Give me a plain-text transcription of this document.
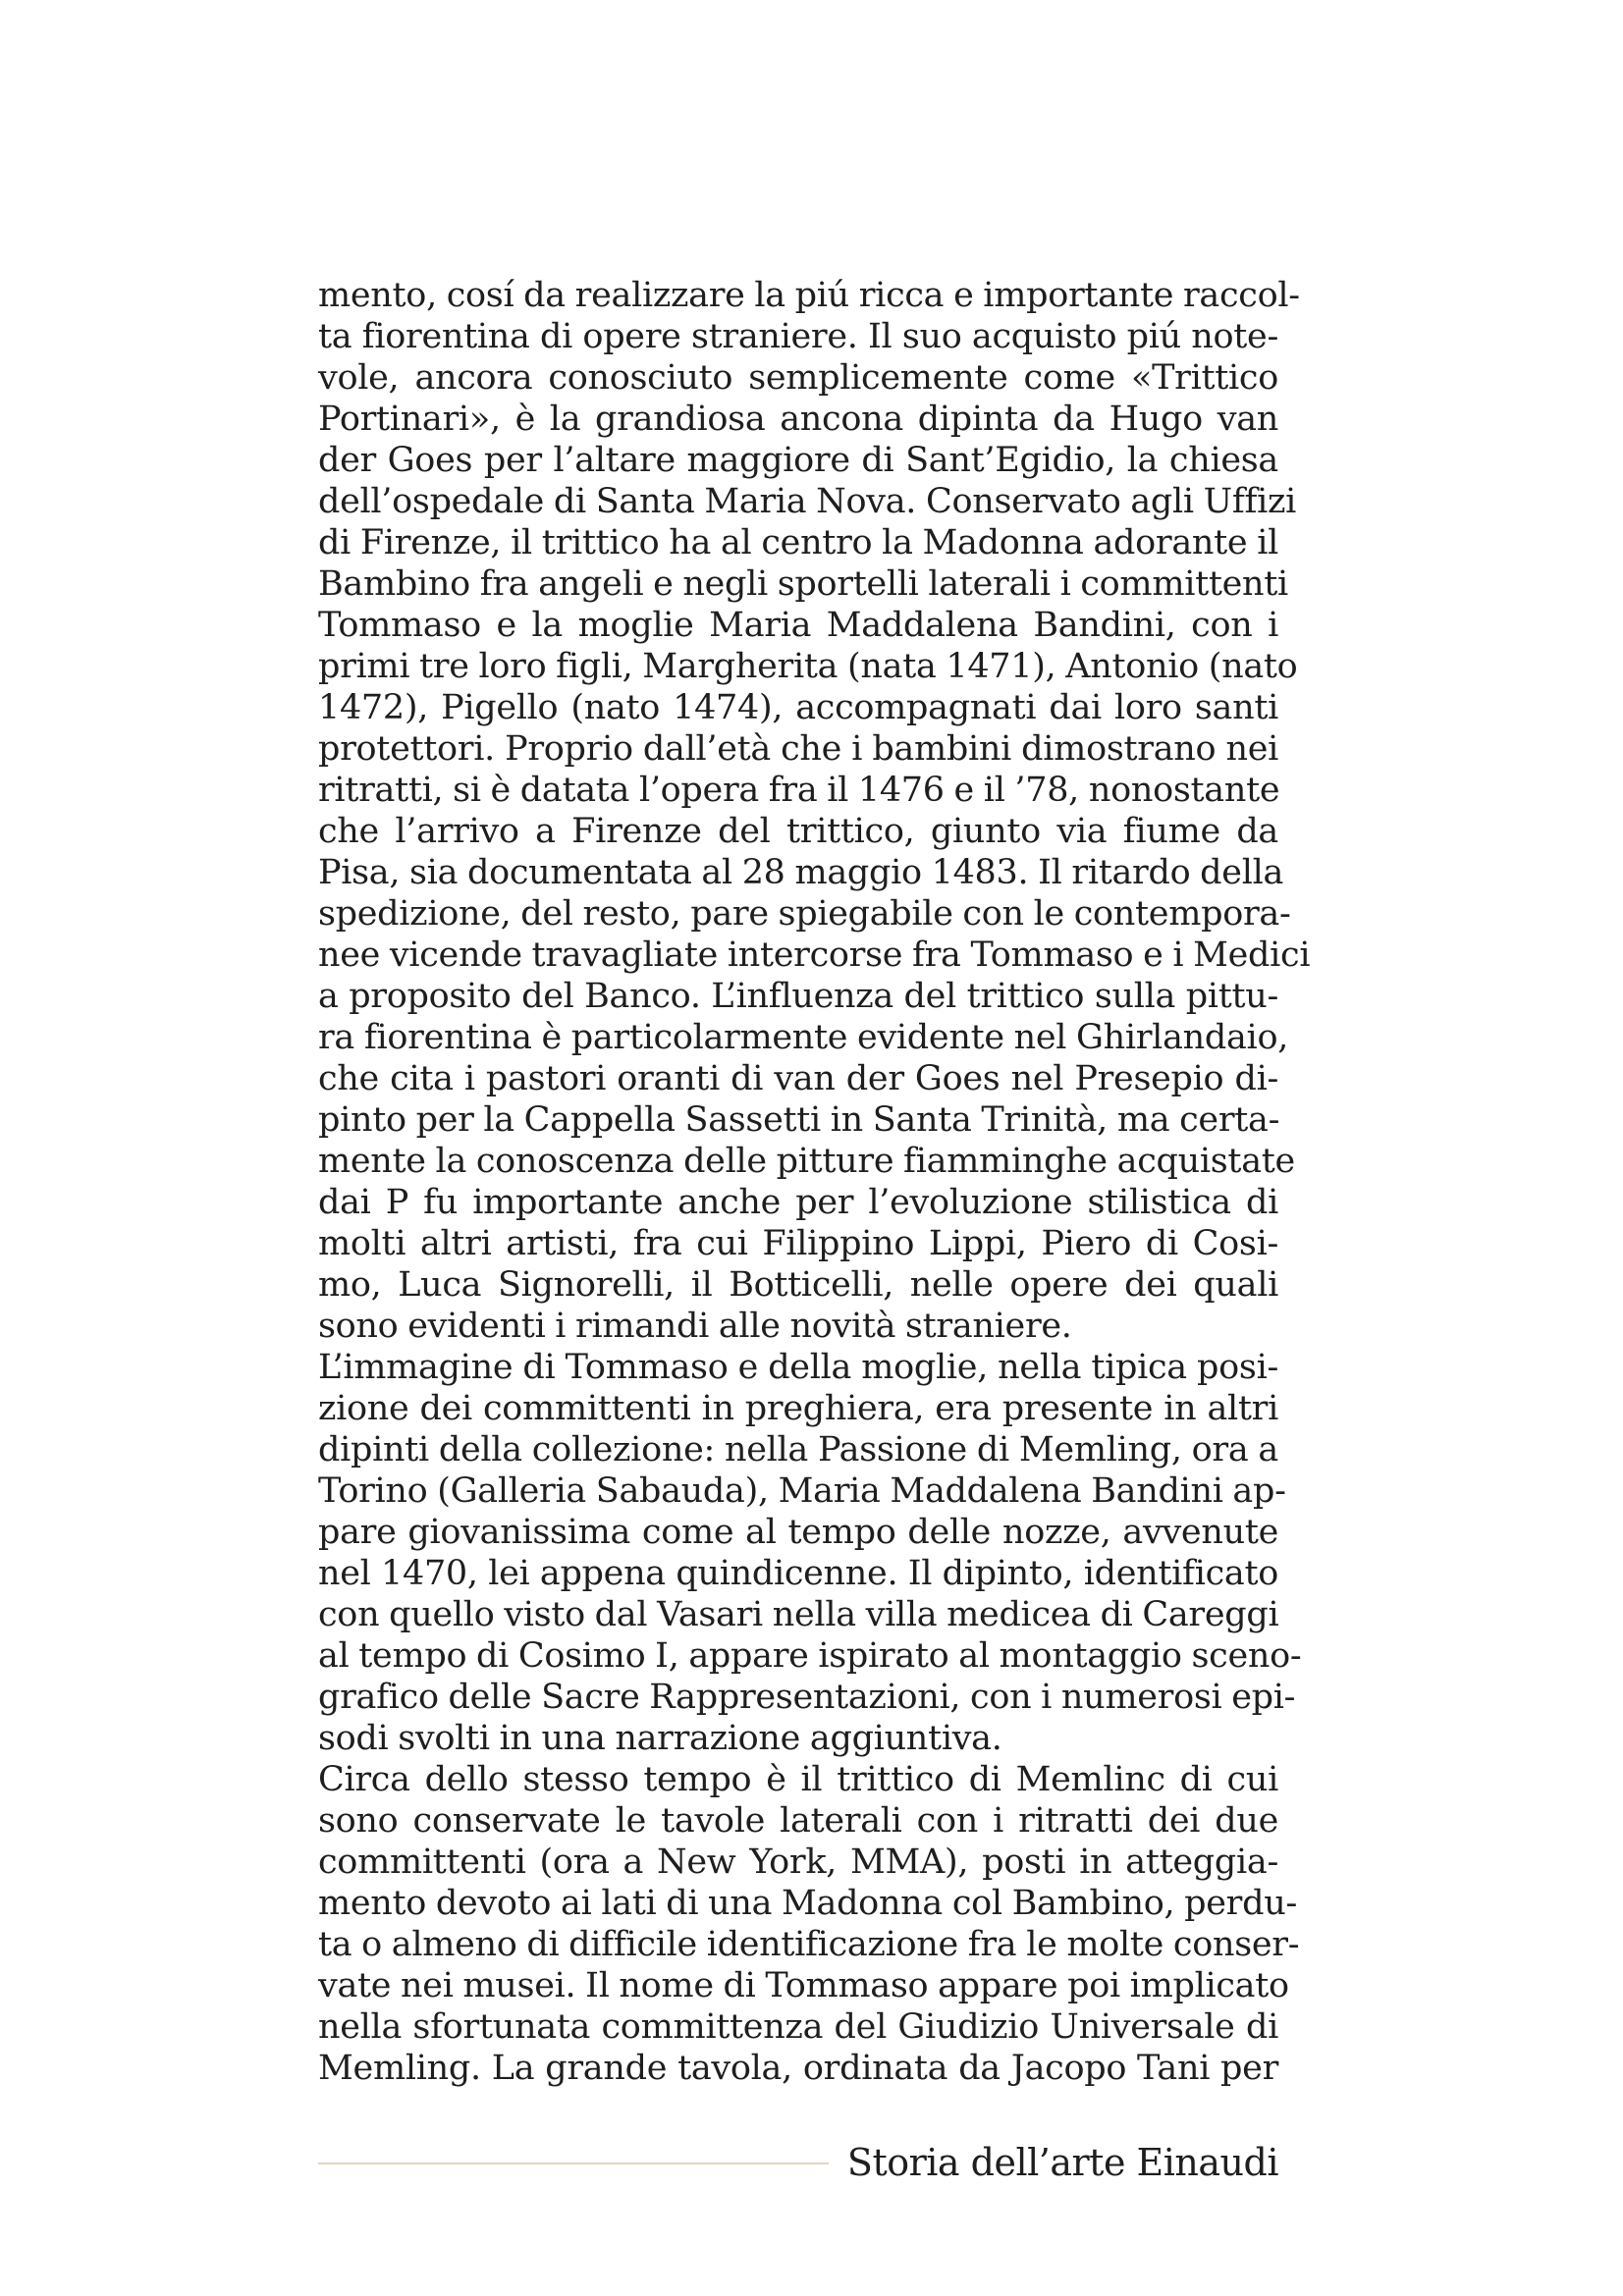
mento, cosí da realizzare la piú ricca e importante raccol-
ta fiorentina di opere straniere. Il suo acquisto piú note-
vole, ancora conosciuto semplicemente come «Trittico
Portinari», è la grandiosa ancona dipinta da Hugo van
der Goes per l’altare maggiore di Sant’Egidio, la chiesa
dell’ospedale di Santa Maria Nova. Conservato agli Uffizi
di Firenze, il trittico ha al centro la Madonna adorante il
Bambino fra angeli e negli sportelli laterali i committenti
Tommaso e la moglie Maria Maddalena Bandini, con i
primi tre loro figli, Margherita (nata 1471), Antonio (nato
1472), Pigello (nato 1474), accompagnati dai loro santi
protettori. Proprio dall’età che i bambini dimostrano nei
ritratti, si è datata l’opera fra il 1476 e il ’78, nonostante
che l’arrivo a Firenze del trittico, giunto via fiume da
Pisa, sia documentata al 28 maggio 1483. Il ritardo della
spedizione, del resto, pare spiegabile con le contempora-
nee vicende travagliate intercorse fra Tommaso e i Medici
a proposito del Banco. L’influenza del trittico sulla pittu-
ra fiorentina è particolarmente evidente nel Ghirlandaio,
che cita i pastori oranti di van der Goes nel Presepio di-
pinto per la Cappella Sassetti in Santa Trinità, ma certa-
mente la conoscenza delle pitture fiamminghe acquistate
dai P fu importante anche per l’evoluzione stilistica di
molti altri artisti, fra cui Filippino Lippi, Piero di Cosi-
mo, Luca Signorelli, il Botticelli, nelle opere dei quali
sono evidenti i rimandi alle novità straniere.
L’immagine di Tommaso e della moglie, nella tipica posi-
zione dei committenti in preghiera, era presente in altri
dipinti della collezione: nella Passione di Memling, ora a
Torino (Galleria Sabauda), Maria Maddalena Bandini ap-
pare giovanissima come al tempo delle nozze, avvenute
nel 1470, lei appena quindicenne. Il dipinto, identificato
con quello visto dal Vasari nella villa medicea di Careggi
al tempo di Cosimo I, appare ispirato al montaggio sceno-
grafico delle Sacre Rappresentazioni, con i numerosi epi-
sodi svolti in una narrazione aggiuntiva.
Circa dello stesso tempo è il trittico di Memlinc di cui
sono conservate le tavole laterali con i ritratti dei due
committenti (ora a New York, MMA), posti in atteggia-
mento devoto ai lati di una Madonna col Bambino, perdu-
ta o almeno di difficile identificazione fra le molte conser-
vate nei musei. Il nome di Tommaso appare poi implicato
nella sfortunata committenza del Giudizio Universale di
Memling. La grande tavola, ordinata da Jacopo Tani per
Storia dell’arte Einaudi
